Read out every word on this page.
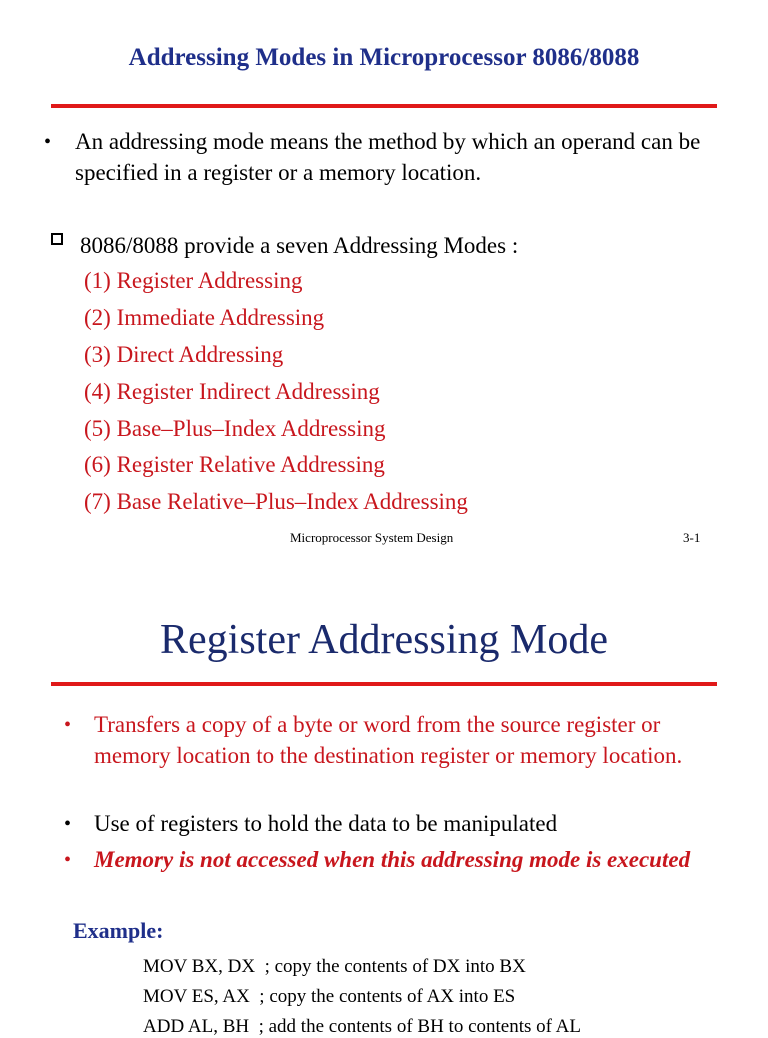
Addressing Modes in Microprocessor 8086/8088
• An addressing mode means the method by which an operand can be specified in a register or a memory location.
8086/8088 provide a seven Addressing Modes :
(1) Register Addressing
(2) Immediate Addressing
(3) Direct Addressing
(4) Register Indirect Addressing
(5) Base–Plus–Index Addressing
(6) Register Relative Addressing
(7) Base Relative–Plus–Index Addressing
Microprocessor System Design	3-1
Register Addressing Mode
• Transfers a copy of a byte or word from the source register or memory location to the destination register or memory location.
• Use of registers to hold the data to be manipulated
• Memory is not accessed when this addressing mode is executed
Example:
MOV BX, DX  ; copy the contents of DX into BX
MOV ES, AX  ; copy the contents of AX into ES
ADD AL, BH  ; add the contents of BH to contents of AL
